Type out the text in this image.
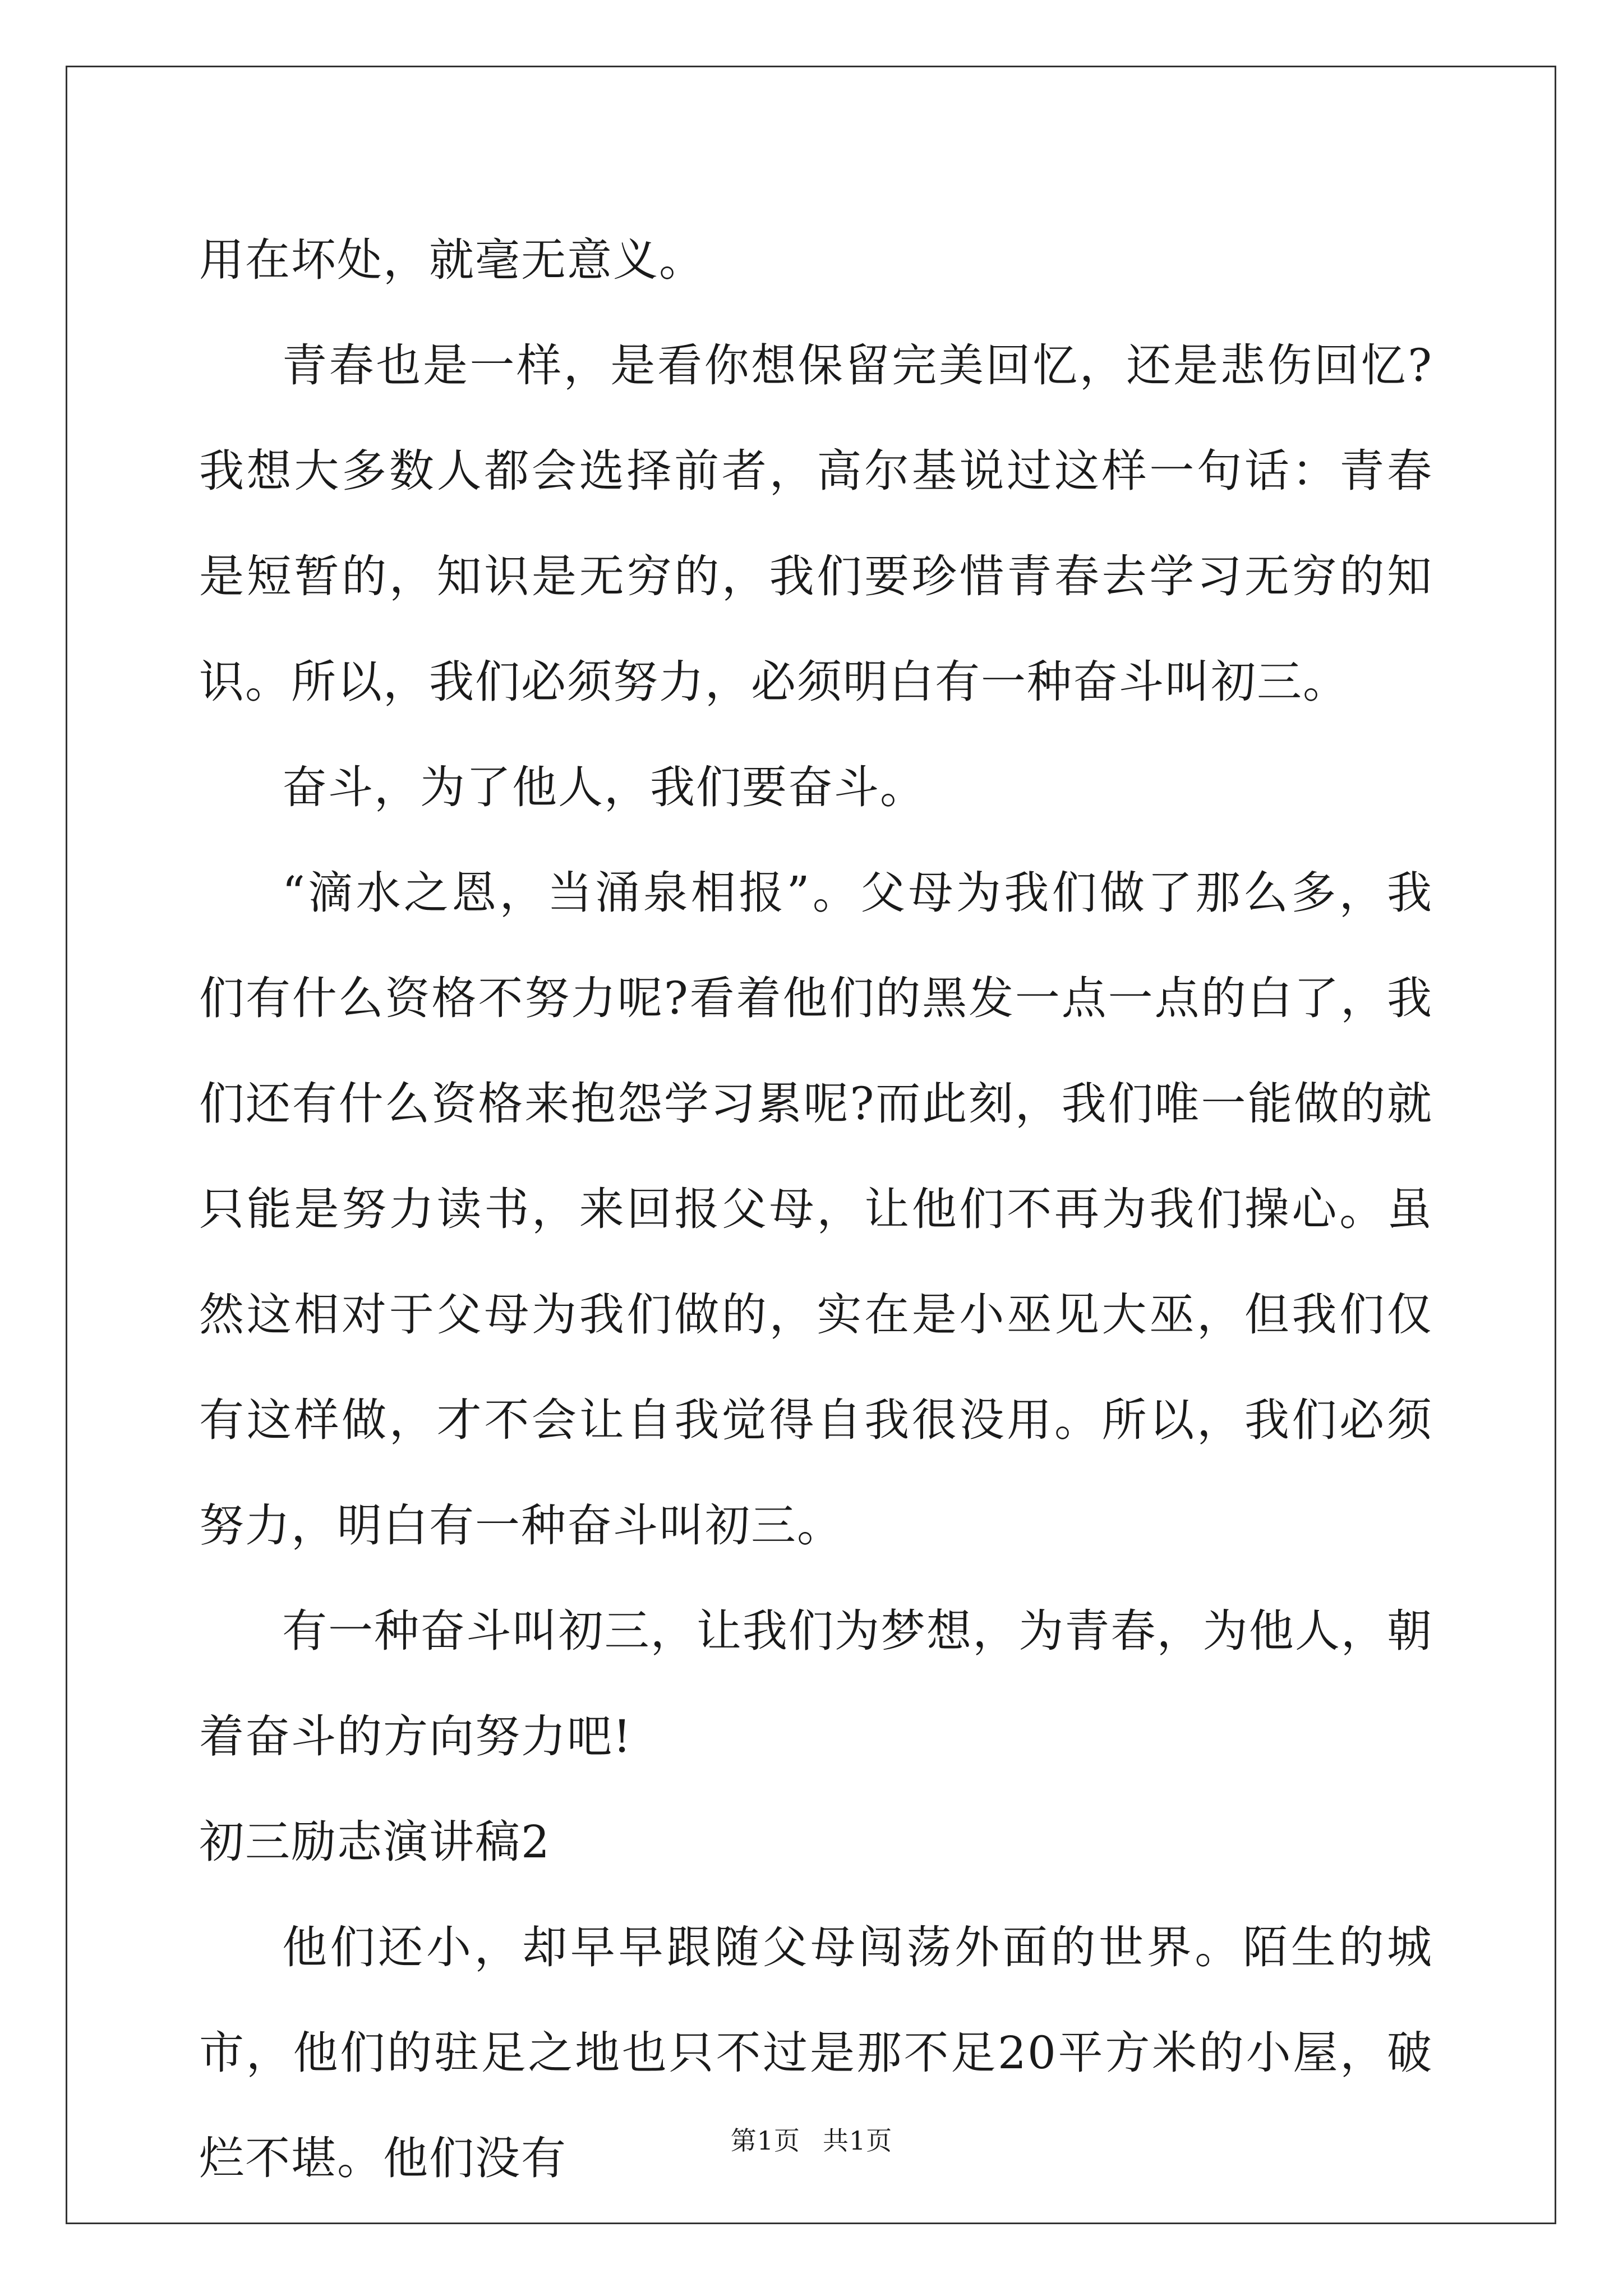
用在坏处，就毫无意义。

青春也是一样，是看你想保留完美回忆，还是悲伤回忆?我想大多数人都会选择前者，高尔基说过这样一句话：青春是短暂的，知识是无穷的，我们要珍惜青春去学习无穷的知识。所以，我们必须努力，必须明白有一种奋斗叫初三。

奋斗，为了他人，我们要奋斗。

“滴水之恩，当涌泉相报”。父母为我们做了那么多，我们有什么资格不努力呢?看着他们的黑发一点一点的白了，我们还有什么资格来抱怨学习累呢?而此刻，我们唯一能做的就只能是努力读书，来回报父母，让他们不再为我们操心。虽然这相对于父母为我们做的，实在是小巫见大巫，但我们仅有这样做，才不会让自我觉得自我很没用。所以，我们必须努力，明白有一种奋斗叫初三。

有一种奋斗叫初三，让我们为梦想，为青春，为他人，朝着奋斗的方向努力吧!

初三励志演讲稿2

他们还小，却早早跟随父母闯荡外面的世界。陌生的城市，他们的驻足之地也只不过是那不足20平方米的小屋，破烂不堪。他们没有	第1页 共1页
